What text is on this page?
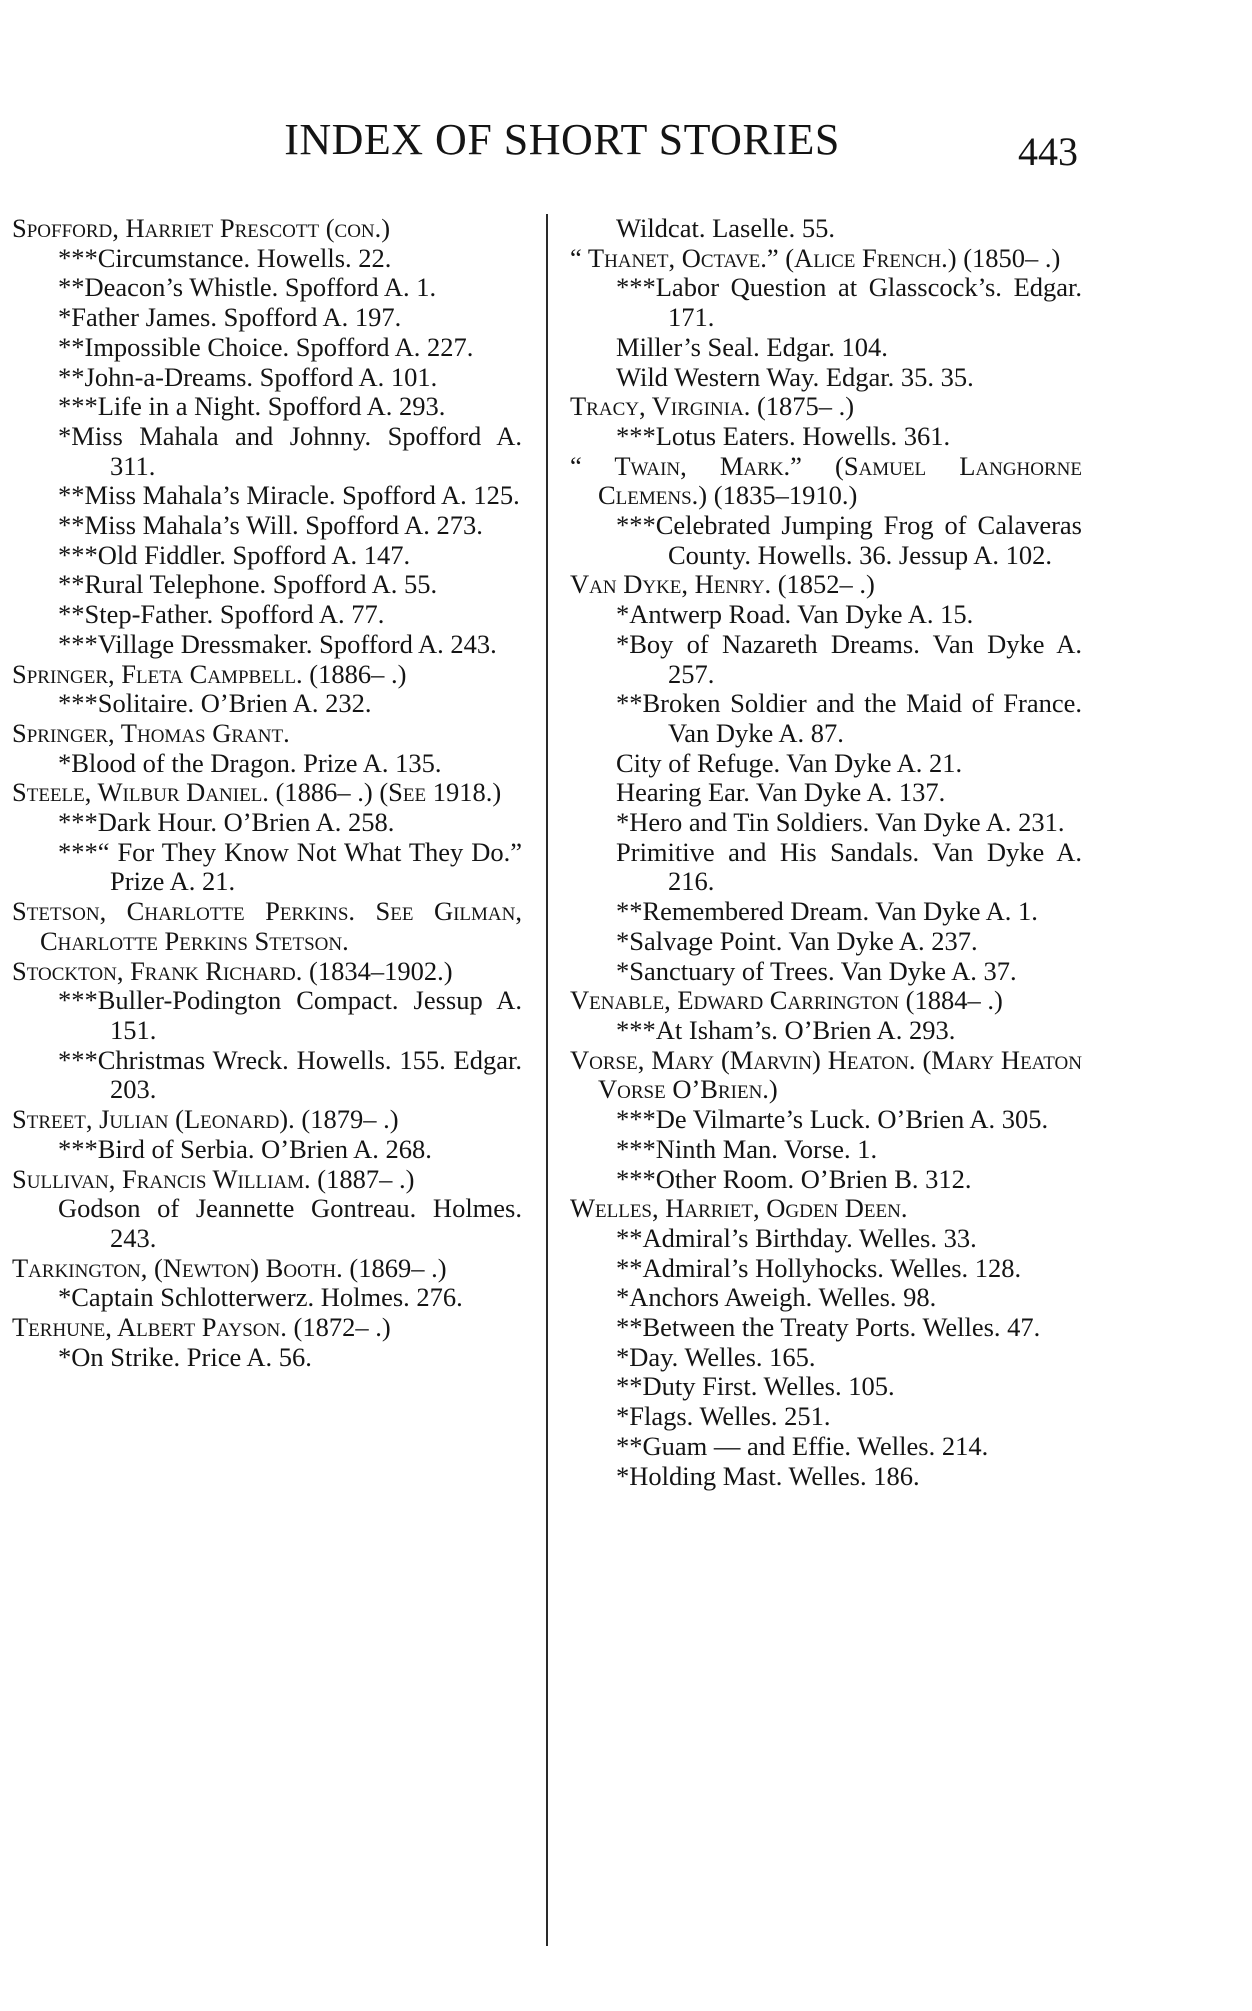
INDEX OF SHORT STORIES	443

Spofford, Harriet Prescott (con.)

***Circumstance. Howells. 22.

**Deacon’s Whistle. Spofford A. 1.

*Father James. Spofford A. 197.

**Impossible Choice. Spofford A. 227.

**John-a-Dreams. Spofford A. 101.

***Life in a Night. Spofford A. 293.

*Miss Mahala and Johnny. Spofford A. 311.

**Miss Mahala’s Miracle. Spofford A. 125.

**Miss Mahala’s Will. Spofford A. 273.

***Old Fiddler. Spofford A. 147.

**Rural Telephone. Spofford A. 55.

**Step-Father. Spofford A. 77.

***Village Dressmaker. Spofford A. 243.

Springer, Fleta Campbell. (1886– .)

***Solitaire. O’Brien A. 232.

Springer, Thomas Grant.

*Blood of the Dragon. Prize A. 135.

Steele, Wilbur Daniel. (1886– .) (See 1918.)

***Dark Hour. O’Brien A. 258.

***“ For They Know Not What They Do.” Prize A. 21.

Stetson, Charlotte Perkins. See Gilman, Charlotte Perkins Stetson.

Stockton, Frank Richard. (1834–1902.)

***Buller-Podington Compact. Jessup A. 151.

***Christmas Wreck. Howells. 155. Edgar. 203.

Street, Julian (Leonard). (1879– .)

***Bird of Serbia. O’Brien A. 268.

Sullivan, Francis William. (1887– .)

Godson of Jeannette Gontreau. Holmes. 243.

Tarkington, (Newton) Booth. (1869– .)

*Captain Schlotterwerz. Holmes. 276.

Terhune, Albert Payson. (1872– .)

*On Strike. Price A. 56.

Wildcat. Laselle. 55.

“ Thanet, Octave.” (Alice French.) (1850– .)

***Labor Question at Glasscock’s. Edgar. 171.

Miller’s Seal. Edgar. 104.

Wild Western Way. Edgar. 35. 35.

Tracy, Virginia. (1875– .)

***Lotus Eaters. Howells. 361.

“ Twain, Mark.” (Samuel Langhorne Clemens.) (1835–1910.)

***Celebrated Jumping Frog of Calaveras County. Howells. 36. Jessup A. 102.

Van Dyke, Henry. (1852– .)

*Antwerp Road. Van Dyke A. 15.

*Boy of Nazareth Dreams. Van Dyke A. 257.

**Broken Soldier and the Maid of France. Van Dyke A. 87.

City of Refuge. Van Dyke A. 21.

Hearing Ear. Van Dyke A. 137.

*Hero and Tin Soldiers. Van Dyke A. 231.

Primitive and His Sandals. Van Dyke A. 216.

**Remembered Dream. Van Dyke A. 1.

*Salvage Point. Van Dyke A. 237.

*Sanctuary of Trees. Van Dyke A. 37.

Venable, Edward Carrington (1884– .)

***At Isham’s. O’Brien A. 293.

Vorse, Mary (Marvin) Heaton. (Mary Heaton Vorse O’Brien.)

***De Vilmarte’s Luck. O’Brien A. 305.

***Ninth Man. Vorse. 1.

***Other Room. O’Brien B. 312.

Welles, Harriet, Ogden Deen.

**Admiral’s Birthday. Welles. 33.

**Admiral’s Hollyhocks. Welles. 128.

*Anchors Aweigh. Welles. 98.

**Between the Treaty Ports. Welles. 47.

*Day. Welles. 165.

**Duty First. Welles. 105.

*Flags. Welles. 251.

**Guam — and Effie. Welles. 214.

*Holding Mast. Welles. 186.
